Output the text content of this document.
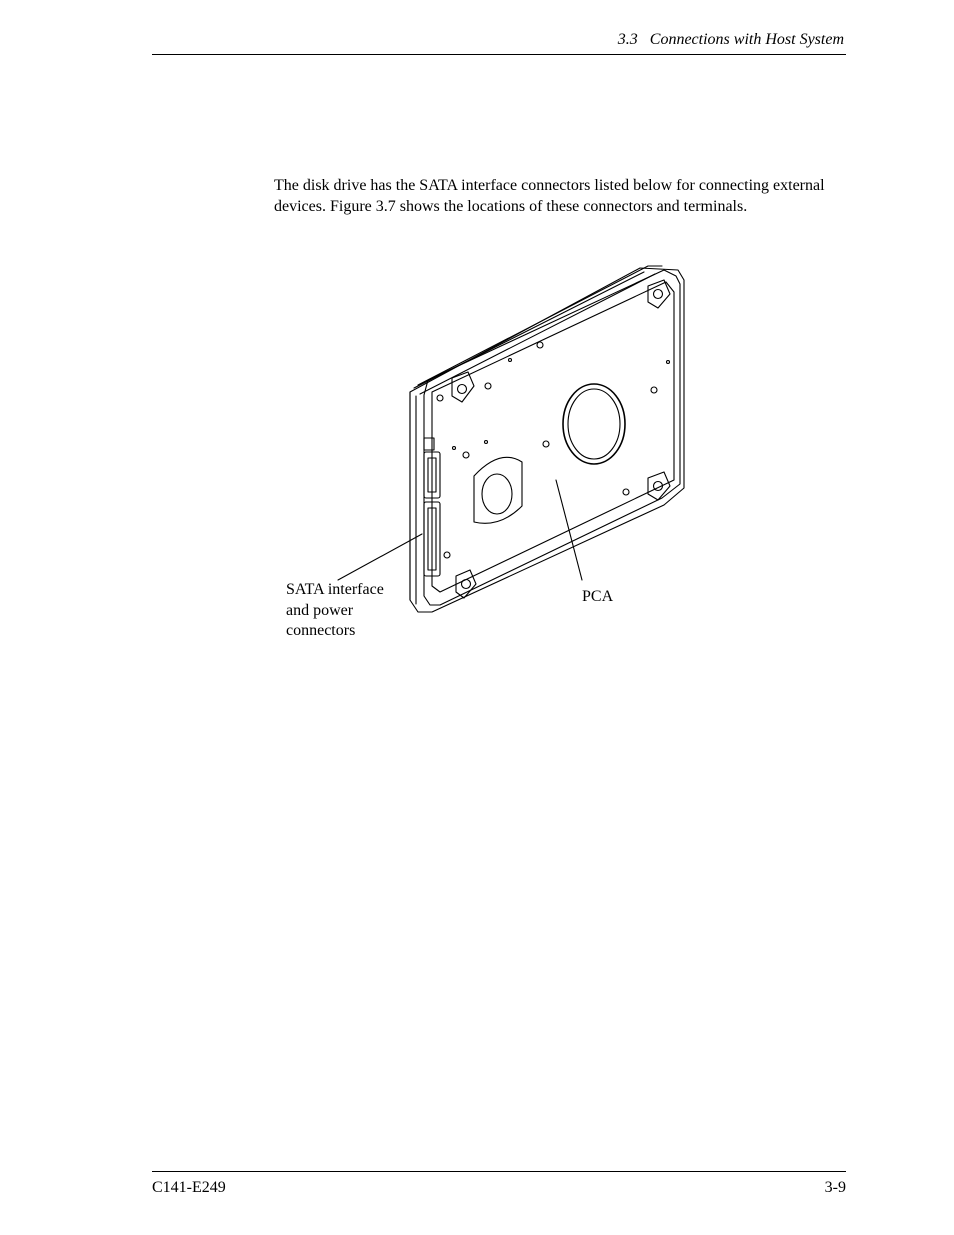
3.3   Connections with Host System

The disk drive has the SATA interface connectors listed below for connecting external devices. Figure 3.7 shows the locations of these connectors and terminals.

SATA interface
and power
connectors
PCA
C141-E249	3-9
